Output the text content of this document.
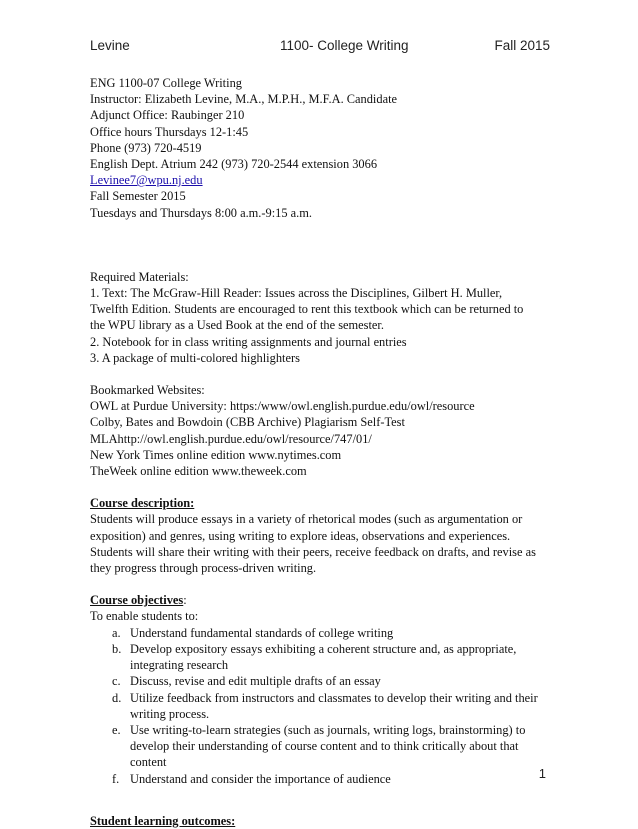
Levine	1100- College Writing	Fall 2015
ENG 1100-07 College Writing
Instructor: Elizabeth Levine, M.A., M.P.H., M.F.A. Candidate
Adjunct Office: Raubinger 210
Office hours Thursdays 12-1:45
Phone (973) 720-4519
English Dept. Atrium 242 (973) 720-2544 extension 3066
Levinee7@wpu.nj.edu
Fall Semester 2015
Tuesdays and Thursdays 8:00 a.m.-9:15 a.m.
Required Materials:
1. Text: The McGraw-Hill Reader: Issues across the Disciplines, Gilbert H. Muller,
Twelfth Edition. Students are encouraged to rent this textbook which can be returned to
the WPU library as a Used Book at the end of the semester.
2. Notebook for in class writing assignments and journal entries
3. A package of multi-colored highlighters
Bookmarked Websites:
OWL at Purdue University: https:/www/owl.english.purdue.edu/owl/resource
Colby, Bates and Bowdoin (CBB Archive) Plagiarism Self-Test
MLAhttp://owl.english.purdue.edu/owl/resource/747/01/
New York Times online edition www.nytimes.com
TheWeek online edition www.theweek.com
Course description:
Students will produce essays in a variety of rhetorical modes (such as argumentation or
exposition) and genres, using writing to explore ideas, observations and experiences.
Students will share their writing with their peers, receive feedback on drafts, and revise as
they progress through process-driven writing.
Course objectives:
To enable students to:
a. Understand fundamental standards of college writing
b. Develop expository essays exhibiting a coherent structure and, as appropriate,
integrating research
c. Discuss, revise and edit multiple drafts of an essay
d. Utilize feedback from instructors and classmates to develop their writing and their
writing process.
e. Use writing-to-learn strategies (such as journals, writing logs, brainstorming) to
develop their understanding of course content and to think critically about that
content
f. Understand and consider the importance of audience
Student learning outcomes:
1
